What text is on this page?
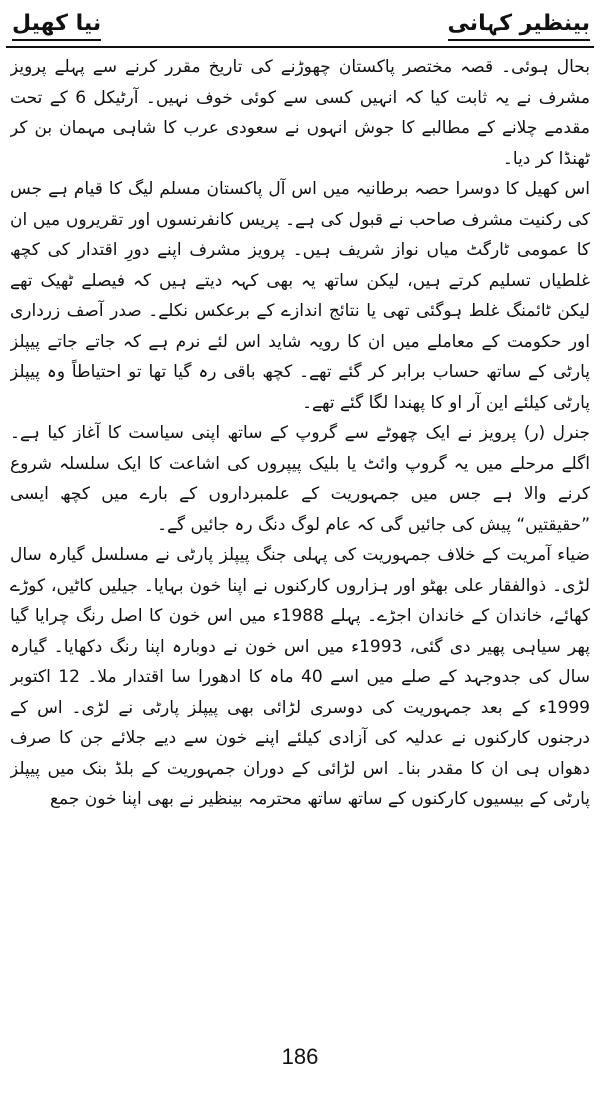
بینظیر کہانی
نیا کھیل

بحال ہوئی۔ قصہ مختصر پاکستان چھوڑنے کی تاریخ مقرر کرنے سے پہلے پرویز مشرف نے یہ ثابت کیا کہ انہیں کسی سے کوئی خوف نہیں۔ آرٹیکل 6 کے تحت مقدمے چلانے کے مطالبے کا جوش انہوں نے سعودی عرب کا شاہی مہمان بن کر ٹھنڈا کر دیا۔

اس کھیل کا دوسرا حصہ برطانیہ میں اس آل پاکستان مسلم لیگ کا قیام ہے جس کی رکنیت مشرف صاحب نے قبول کی ہے۔ پریس کانفرنسوں اور تقریروں میں ان کا عمومی ٹارگٹ میاں نواز شریف ہیں۔ پرویز مشرف اپنے دورِ اقتدار کی کچھ غلطیاں تسلیم کرتے ہیں، لیکن ساتھ یہ بھی کہہ دیتے ہیں کہ فیصلے ٹھیک تھے لیکن ٹائمنگ غلط ہوگئی تھی یا نتائج اندازے کے برعکس نکلے۔ صدر آصف زرداری اور حکومت کے معاملے میں ان کا رویہ شاید اس لئے نرم ہے کہ جاتے جاتے پیپلز پارٹی کے ساتھ حساب برابر کر گئے تھے۔ کچھ باقی رہ گیا تھا تو احتیاطاً وہ پیپلز پارٹی کیلئے این آر او کا پھندا لگا گئے تھے۔

جنرل (ر) پرویز نے ایک چھوٹے سے گروپ کے ساتھ اپنی سیاست کا آغاز کیا ہے۔ اگلے مرحلے میں یہ گروپ وائٹ یا بلیک پیپروں کی اشاعت کا ایک سلسلہ شروع کرنے والا ہے جس میں جمہوریت کے علمبرداروں کے بارے میں کچھ ایسی ”حقیقتیں“ پیش کی جائیں گی کہ عام لوگ دنگ رہ جائیں گے۔

ضیاء آمریت کے خلاف جمہوریت کی پہلی جنگ پیپلز پارٹی نے مسلسل گیارہ سال لڑی۔ ذوالفقار علی بھٹو اور ہزاروں کارکنوں نے اپنا خون بہایا۔ جیلیں کاٹیں، کوڑے کھائے، خاندان کے خاندان اجڑے۔ پہلے 1988ء میں اس خون کا اصل رنگ چرایا گیا پھر سیاہی پھیر دی گئی، 1993ء میں اس خون نے دوبارہ اپنا رنگ دکھایا۔ گیارہ سال کی جدوجہد کے صلے میں اسے 40 ماہ کا ادھورا سا اقتدار ملا۔ 12 اکتوبر 1999ء کے بعد جمہوریت کی دوسری لڑائی بھی پیپلز پارٹی نے لڑی۔ اس کے درجنوں کارکنوں نے عدلیہ کی آزادی کیلئے اپنے خون سے دیے جلائے جن کا صرف دھواں ہی ان کا مقدر بنا۔ اس لڑائی کے دوران جمہوریت کے بلڈ بنک میں پیپلز پارٹی کے بیسیوں کارکنوں کے ساتھ ساتھ محترمہ بینظیر نے بھی اپنا خون جمع

186
